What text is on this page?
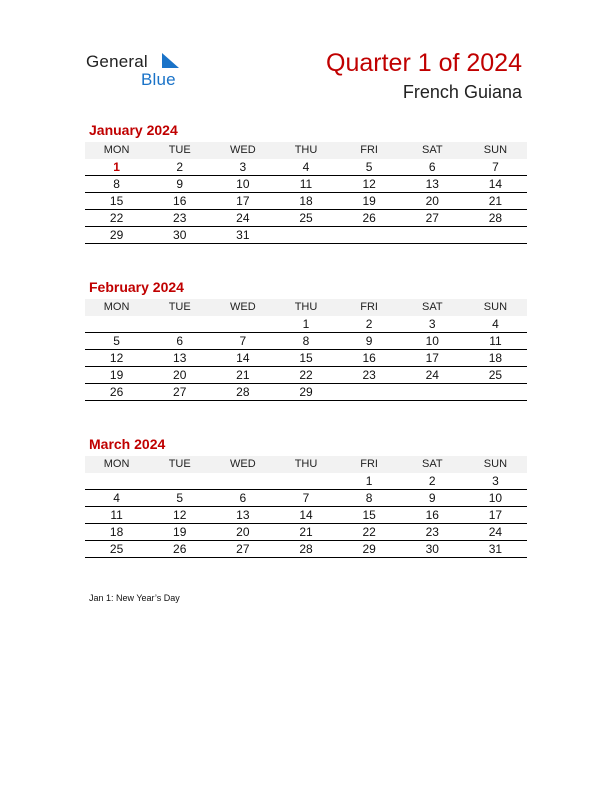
General
Blue
Quarter 1 of 2024
French Guiana
January 2024
MON	TUE	WED	THU	FRI	SAT	SUN
1	2	3	4	5	6	7
8	9	10	11	12	13	14
15	16	17	18	19	20	21
22	23	24	25	26	27	28
29	30	31				
February 2024
MON	TUE	WED	THU	FRI	SAT	SUN
			1	2	3	4
5	6	7	8	9	10	11
12	13	14	15	16	17	18
19	20	21	22	23	24	25
26	27	28	29			
March 2024
MON	TUE	WED	THU	FRI	SAT	SUN
				1	2	3
4	5	6	7	8	9	10
11	12	13	14	15	16	17
18	19	20	21	22	23	24
25	26	27	28	29	30	31
Jan 1: New Year’s Day
